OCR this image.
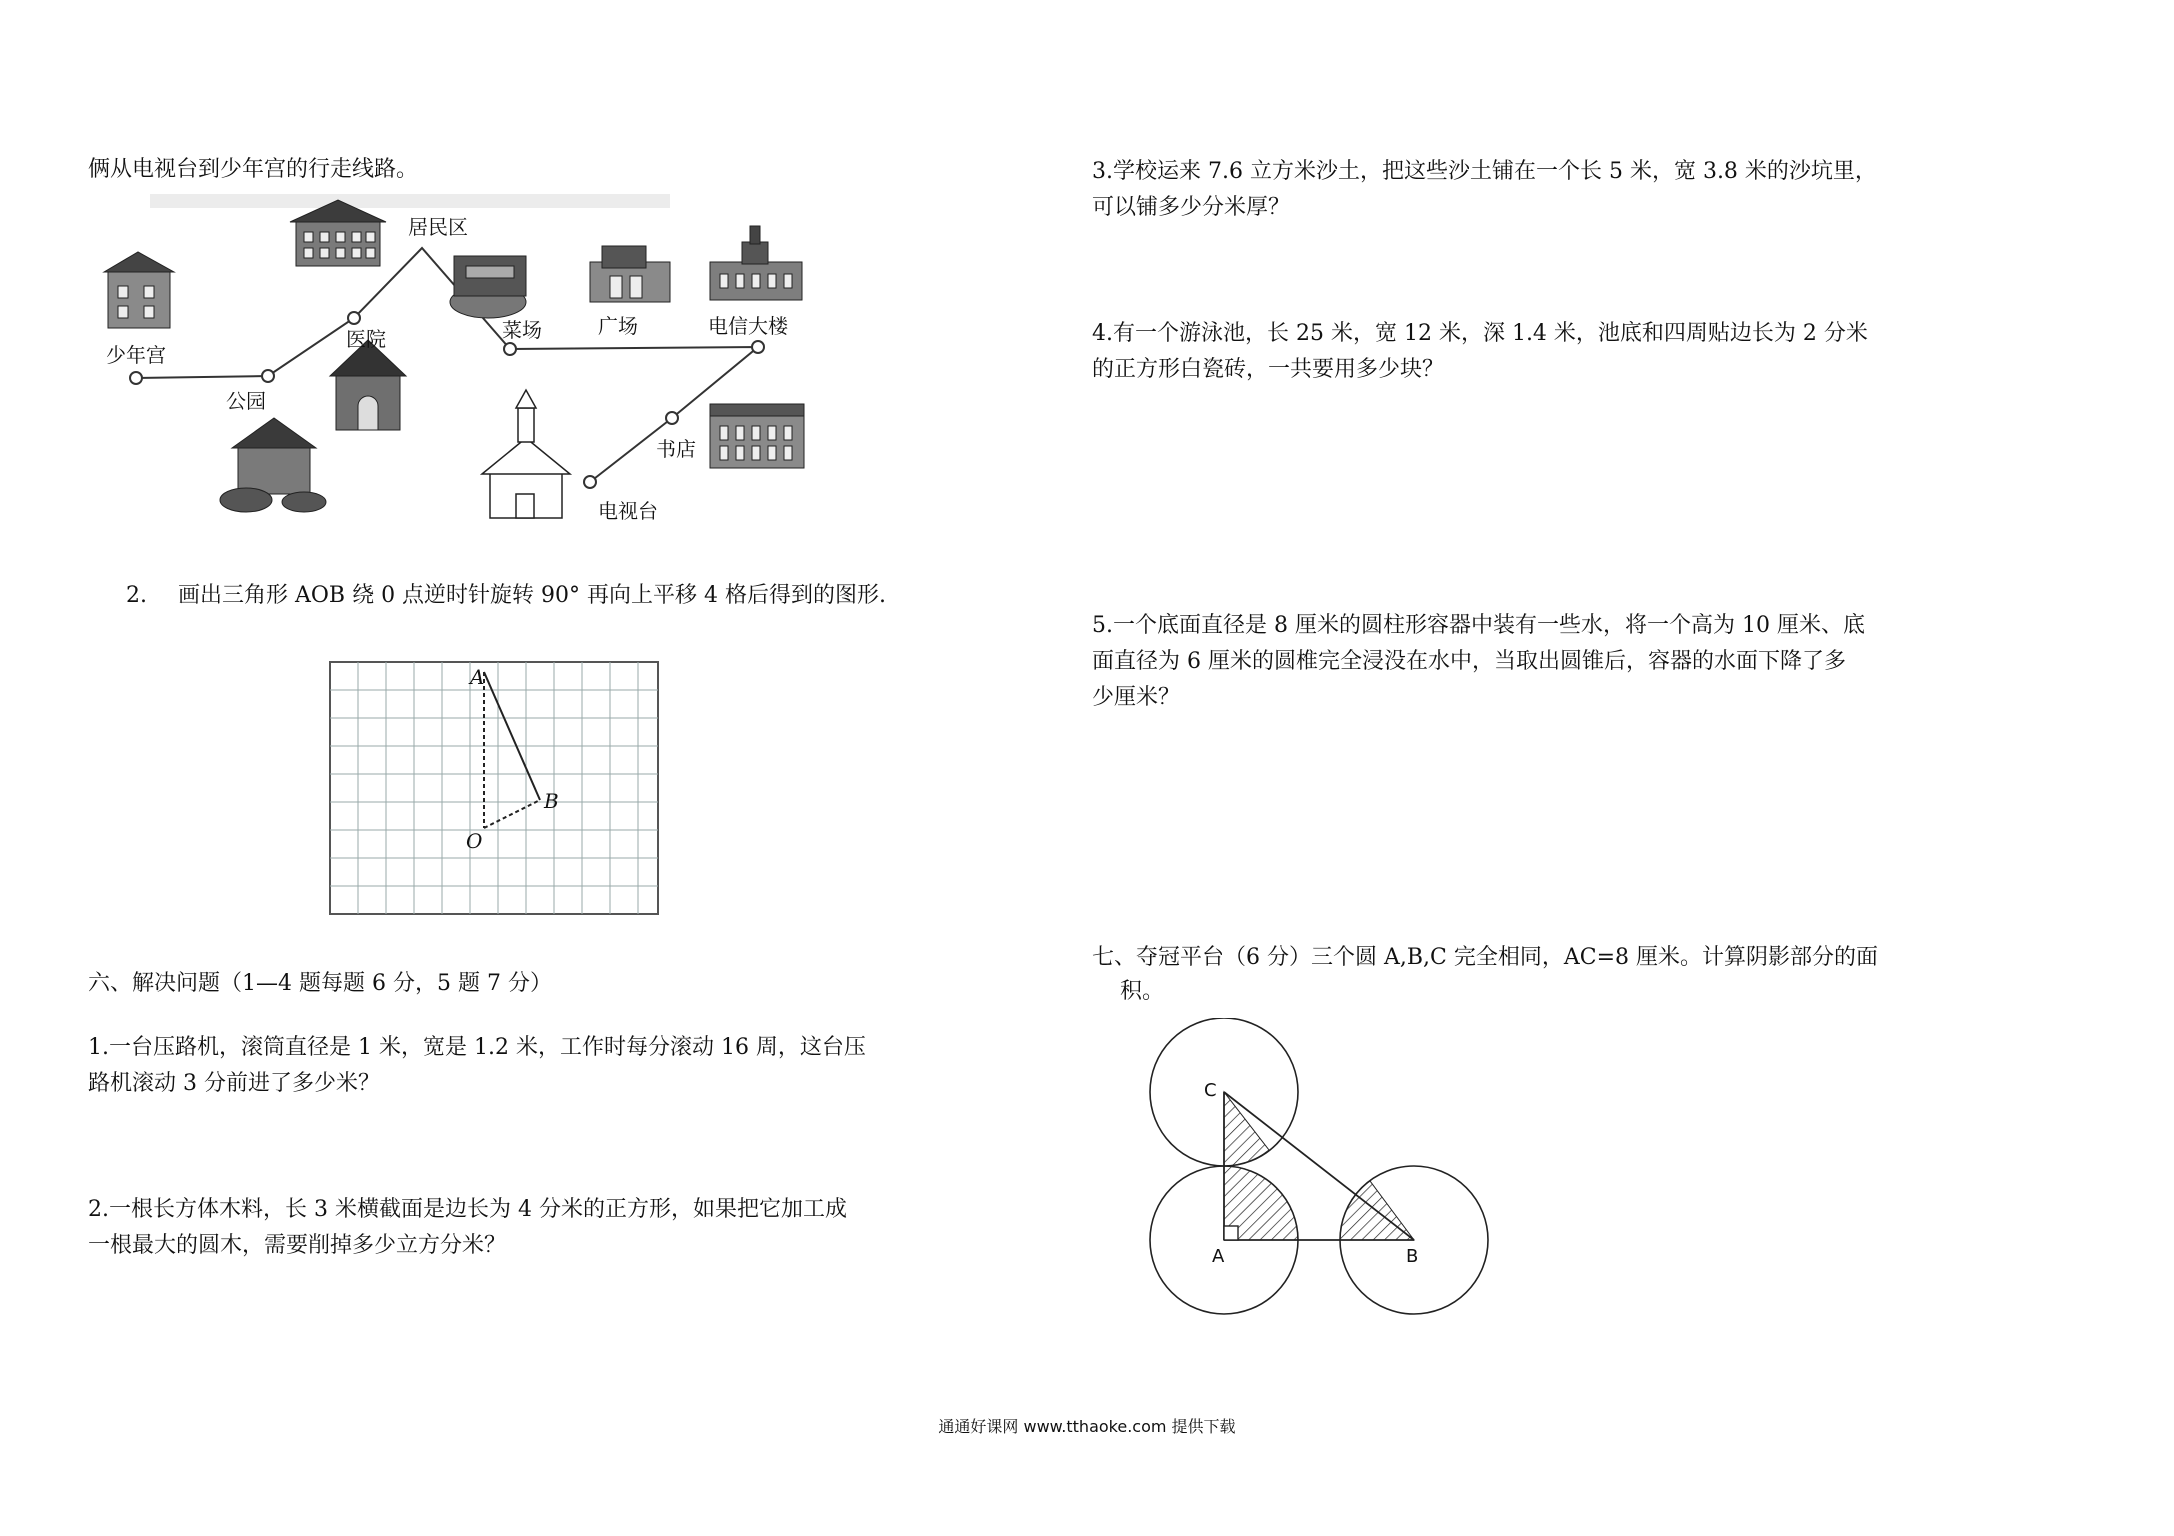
俩从电视台到少年宫的行走线路。
少年宫
公园
医院
居民区
菜场	广场	电信大楼
书店
电视台
2. 画出三角形 AOB 绕 0 点逆时针旋转 90° 再向上平移 4 格后得到的图形.
A
B
O
六、解决问题（1—4 题每题 6 分，5 题 7 分）
1.一台压路机，滚筒直径是 1 米，宽是 1.2 米，工作时每分滚动 16 周，这台压
路机滚动 3 分前进了多少米？
2.一根长方体木料，长 3 米横截面是边长为 4 分米的正方形，如果把它加工成
一根最大的圆木，需要削掉多少立方分米？
3.学校运来 7.6 立方米沙土，把这些沙土铺在一个长 5 米，宽 3.8 米的沙坑里，
可以铺多少分米厚？
4.有一个游泳池，长 25 米，宽 12 米，深 1.4 米，池底和四周贴边长为 2 分米
的正方形白瓷砖，一共要用多少块？
5.一个底面直径是 8 厘米的圆柱形容器中装有一些水，将一个高为 10 厘米、底
面直径为 6 厘米的圆椎完全浸没在水中，当取出圆锥后，容器的水面下降了多
少厘米？
七、夺冠平台（6 分）三个圆 A,B,C 完全相同，AC=8 厘米。计算阴影部分的面
积。
C
A	B
通通好课网 www.tthaoke.com 提供下载
